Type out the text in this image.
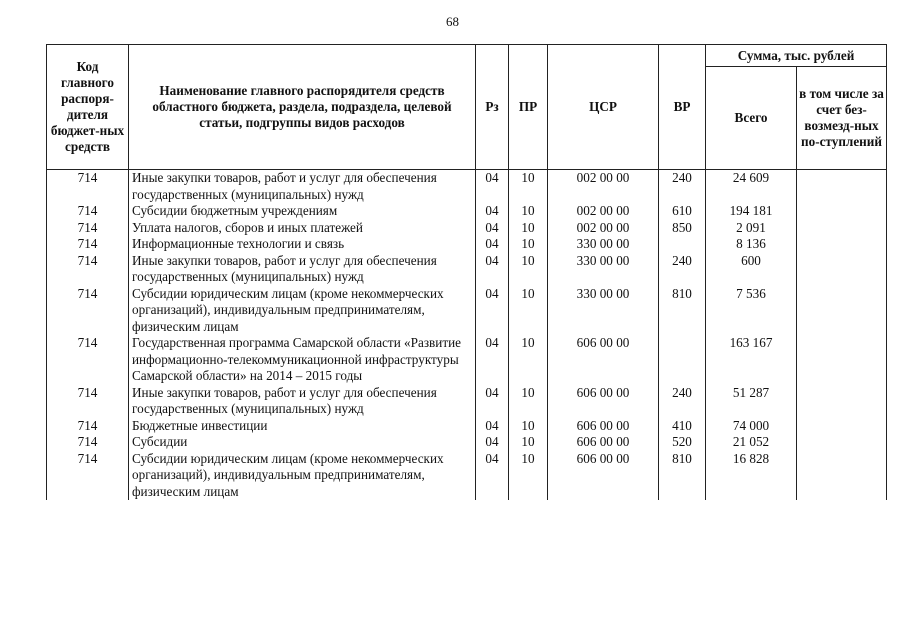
68
Код главного распоря-дителя бюджет-ных средств	Наименование главного распорядителя средств областного бюджета, раздела, подраздела, целевой статьи, подгруппы видов расходов	Рз	ПР	ЦСР	ВР	Сумма, тыс. рублей	
						Всего	в том числе за счет без-возмезд-ных по-ступлений
714	Иные закупки товаров, работ и услуг для обеспечения государственных (муниципальных) нужд	04	10	002 00 00	240	24 609	
714	Субсидии бюджетным учреждениям	04	10	002 00 00	610	194 181	
714	Уплата налогов, сборов и иных платежей	04	10	002 00 00	850	2 091	
714	Информационные технологии и связь	04	10	330 00 00		8 136	
714	Иные закупки товаров, работ и услуг для обеспечения государственных (муниципальных) нужд	04	10	330 00 00	240	600	
714	Субсидии юридическим лицам (кроме некоммерческих организаций), индивидуальным предпринимателям, физическим лицам	04	10	330 00 00	810	7 536	
714	Государственная программа Самарской области «Развитие информационно-телекоммуникационной инфраструктуры Самарской области» на 2014 – 2015 годы	04	10	606 00 00		163 167	
714	Иные закупки товаров, работ и услуг для обеспечения государственных (муниципальных) нужд	04	10	606 00 00	240	51 287	
714	Бюджетные инвестиции	04	10	606 00 00	410	74 000	
714	Субсидии	04	10	606 00 00	520	21 052	
714	Субсидии юридическим лицам (кроме некоммерческих организаций), индивидуальным предпринимателям, физическим лицам	04	10	606 00 00	810	16 828	
